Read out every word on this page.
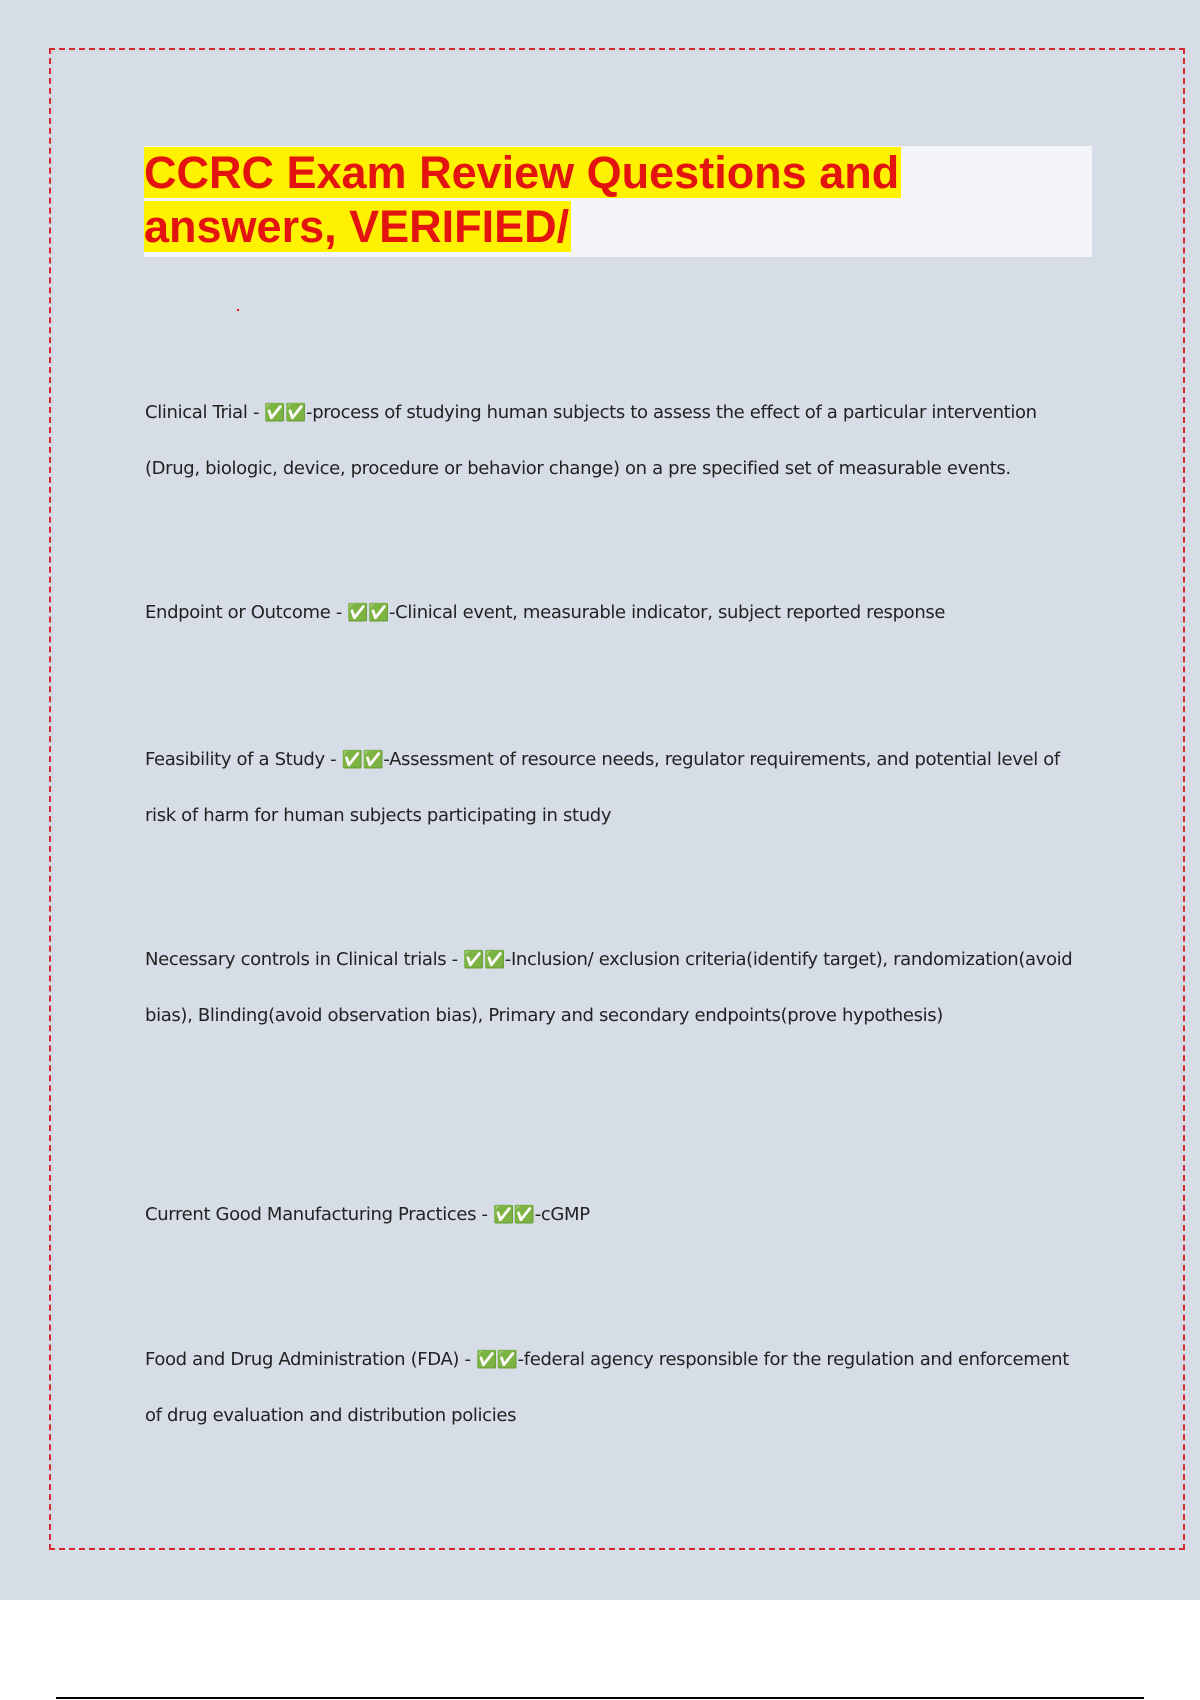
CCRC Exam Review Questions and answers, VERIFIED/

Clinical Trial - ✅✅-process of studying human subjects to assess the effect of a particular intervention (Drug, biologic, device, procedure or behavior change) on a pre specified set of measurable events.

Endpoint or Outcome - ✅✅-Clinical event, measurable indicator, subject reported response

Feasibility of a Study - ✅✅-Assessment of resource needs, regulator requirements, and potential level of risk of harm for human subjects participating in study

Necessary controls in Clinical trials - ✅✅-Inclusion/ exclusion criteria(identify target), randomization(avoid bias), Blinding(avoid observation bias), Primary and secondary endpoints(prove hypothesis)

Current Good Manufacturing Practices - ✅✅-cGMP

Food and Drug Administration (FDA) - ✅✅-federal agency responsible for the regulation and enforcement of drug evaluation and distribution policies
